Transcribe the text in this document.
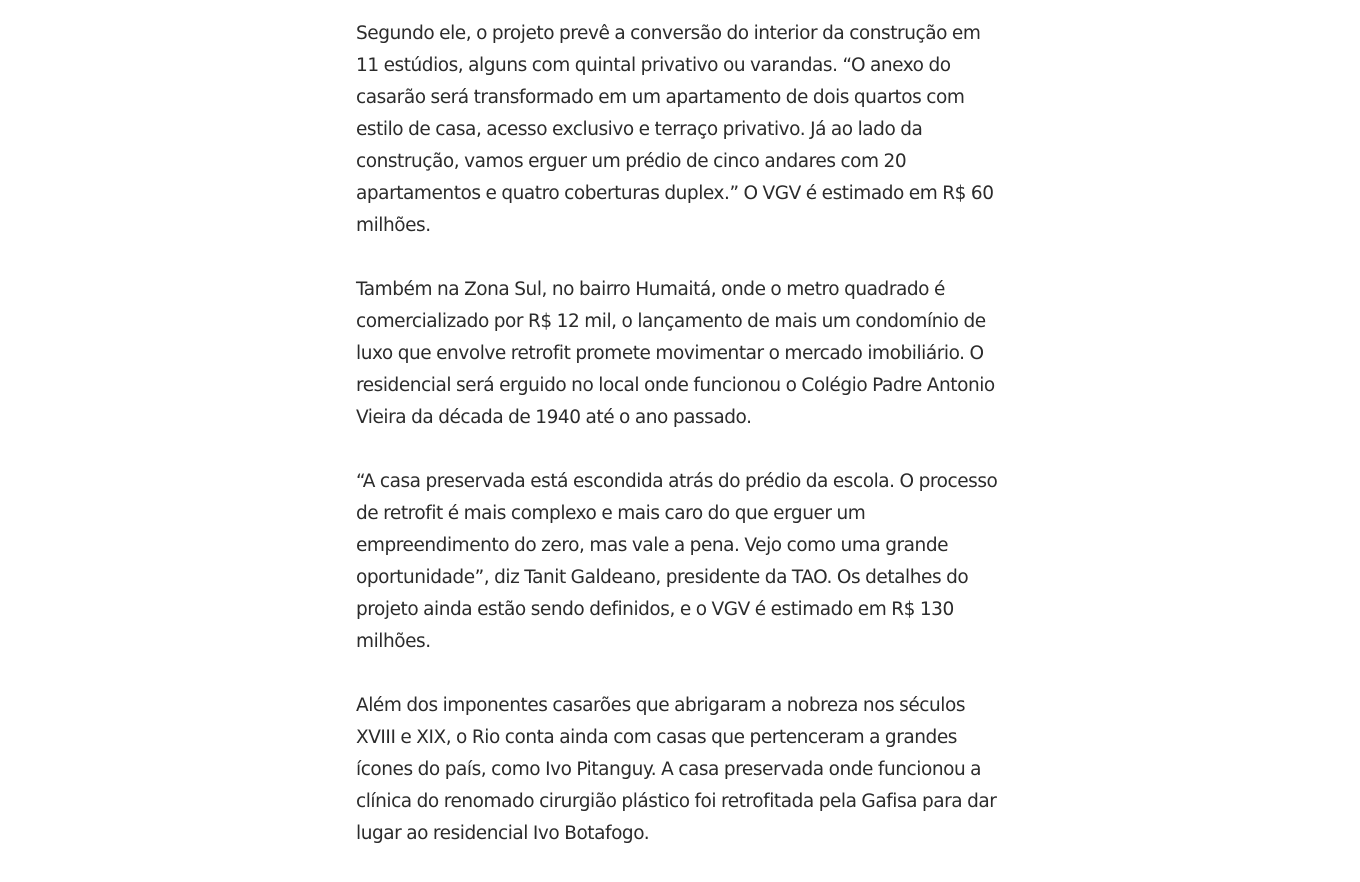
Segundo ele, o projeto prevê a conversão do interior da construção em
11 estúdios, alguns com quintal privativo ou varandas. “O anexo do
casarão será transformado em um apartamento de dois quartos com
estilo de casa, acesso exclusivo e terraço privativo. Já ao lado da
construção, vamos erguer um prédio de cinco andares com 20
apartamentos e quatro coberturas duplex.” O VGV é estimado em R$ 60
milhões.

Também na Zona Sul, no bairro Humaitá, onde o metro quadrado é
comercializado por R$ 12 mil, o lançamento de mais um condomínio de
luxo que envolve retrofit promete movimentar o mercado imobiliário. O
residencial será erguido no local onde funcionou o Colégio Padre Antonio
Vieira da década de 1940 até o ano passado.

“A casa preservada está escondida atrás do prédio da escola. O processo
de retrofit é mais complexo e mais caro do que erguer um
empreendimento do zero, mas vale a pena. Vejo como uma grande
oportunidade”, diz Tanit Galdeano, presidente da TAO. Os detalhes do
projeto ainda estão sendo definidos, e o VGV é estimado em R$ 130
milhões.

Além dos imponentes casarões que abrigaram a nobreza nos séculos
XVIII e XIX, o Rio conta ainda com casas que pertenceram a grandes
ícones do país, como Ivo Pitanguy. A casa preservada onde funcionou a
clínica do renomado cirurgião plástico foi retrofitada pela Gafisa para dar
lugar ao residencial Ivo Botafogo.
